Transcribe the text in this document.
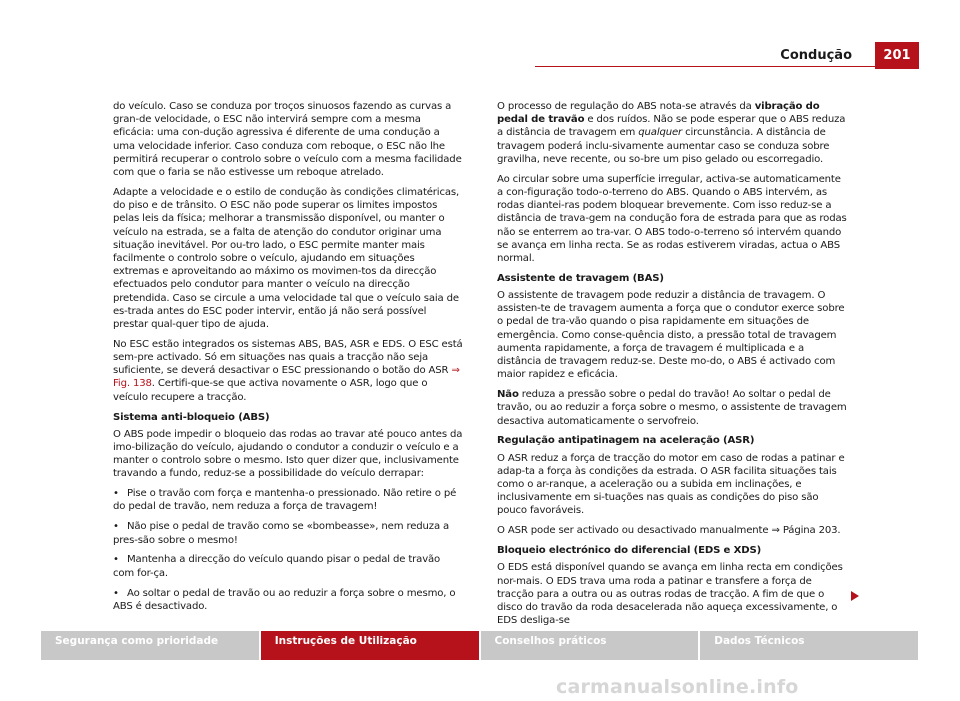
Condução	201

do veículo. Caso se conduza por troços sinuosos fazendo as curvas a gran-de velocidade, o ESC não intervirá sempre com a mesma eficácia: uma con-dução agressiva é diferente de uma condução a uma velocidade inferior. Caso conduza com reboque, o ESC não lhe permitirá recuperar o controlo sobre o veículo com a mesma facilidade com que o faria se não estivesse um reboque atrelado.

Adapte a velocidade e o estilo de condução às condições climatéricas, do piso e de trânsito. O ESC não pode superar os limites impostos pelas leis da física; melhorar a transmissão disponível, ou manter o veículo na estrada, se a falta de atenção do condutor originar uma situação inevitável. Por ou-tro lado, o ESC permite manter mais facilmente o controlo sobre o veículo, ajudando em situações extremas e aproveitando ao máximo os movimen-tos da direcção efectuados pelo condutor para manter o veículo na direcção pretendida. Caso se circule a uma velocidade tal que o veículo saia de es-trada antes do ESC poder intervir, então já não será possível prestar qual-quer tipo de ajuda.

No ESC estão integrados os sistemas ABS, BAS, ASR e EDS. O ESC está sem-pre activado. Só em situações nas quais a tracção não seja suficiente, se deverá desactivar o ESC pressionando o botão do ASR ⇒ Fig. 138. Certifi-que-se que activa novamente o ASR, logo que o veículo recupere a tracção.

Sistema anti-bloqueio (ABS)

O ABS pode impedir o bloqueio das rodas ao travar até pouco antes da imo-bilização do veículo, ajudando o condutor a conduzir o veículo e a manter o controlo sobre o mesmo. Isto quer dizer que, inclusivamente travando a fundo, reduz-se a possibilidade do veículo derrapar:

• Pise o travão com força e mantenha-o pressionado. Não retire o pé do pedal de travão, nem reduza a força de travagem!

• Não pise o pedal de travão como se «bombeasse», nem reduza a pres-são sobre o mesmo!

• Mantenha a direcção do veículo quando pisar o pedal de travão com for-ça.

• Ao soltar o pedal de travão ou ao reduzir a força sobre o mesmo, o ABS é desactivado.

O processo de regulação do ABS nota-se através da vibração do pedal de travão e dos ruídos. Não se pode esperar que o ABS reduza a distância de travagem em qualquer circunstância. A distância de travagem poderá inclu-sivamente aumentar caso se conduza sobre gravilha, neve recente, ou so-bre um piso gelado ou escorregadio.

Ao circular sobre uma superfície irregular, activa-se automaticamente a con-figuração todo-o-terreno do ABS. Quando o ABS intervém, as rodas diantei-ras podem bloquear brevemente. Com isso reduz-se a distância de trava-gem na condução fora de estrada para que as rodas não se enterrem ao tra-var. O ABS todo-o-terreno só intervém quando se avança em linha recta. Se as rodas estiverem viradas, actua o ABS normal.

Assistente de travagem (BAS)

O assistente de travagem pode reduzir a distância de travagem. O assisten-te de travagem aumenta a força que o condutor exerce sobre o pedal de tra-vão quando o pisa rapidamente em situações de emergência. Como conse-quência disto, a pressão total de travagem aumenta rapidamente, a força de travagem é multiplicada e a distância de travagem reduz-se. Deste mo-do, o ABS é activado com maior rapidez e eficácia.

Não reduza a pressão sobre o pedal do travão! Ao soltar o pedal de travão, ou ao reduzir a força sobre o mesmo, o assistente de travagem desactiva automaticamente o servofreio.

Regulação antipatinagem na aceleração (ASR)

O ASR reduz a força de tracção do motor em caso de rodas a patinar e adap-ta a força às condições da estrada. O ASR facilita situações tais como o ar-ranque, a aceleração ou a subida em inclinações, e inclusivamente em si-tuações nas quais as condições do piso são pouco favoráveis.

O ASR pode ser activado ou desactivado manualmente ⇒ Página 203.

Bloqueio electrónico do diferencial (EDS e XDS)

O EDS está disponível quando se avança em linha recta em condições nor-mais. O EDS trava uma roda a patinar e transfere a força de tracção para a outra ou as outras rodas de tracção. A fim de que o disco do travão da roda desacelerada não aqueça excessivamente, o EDS desliga-se

Segurança como prioridade	Instruções de Utilização	Conselhos práticos	Dados Técnicos
carmanualsonline.info
